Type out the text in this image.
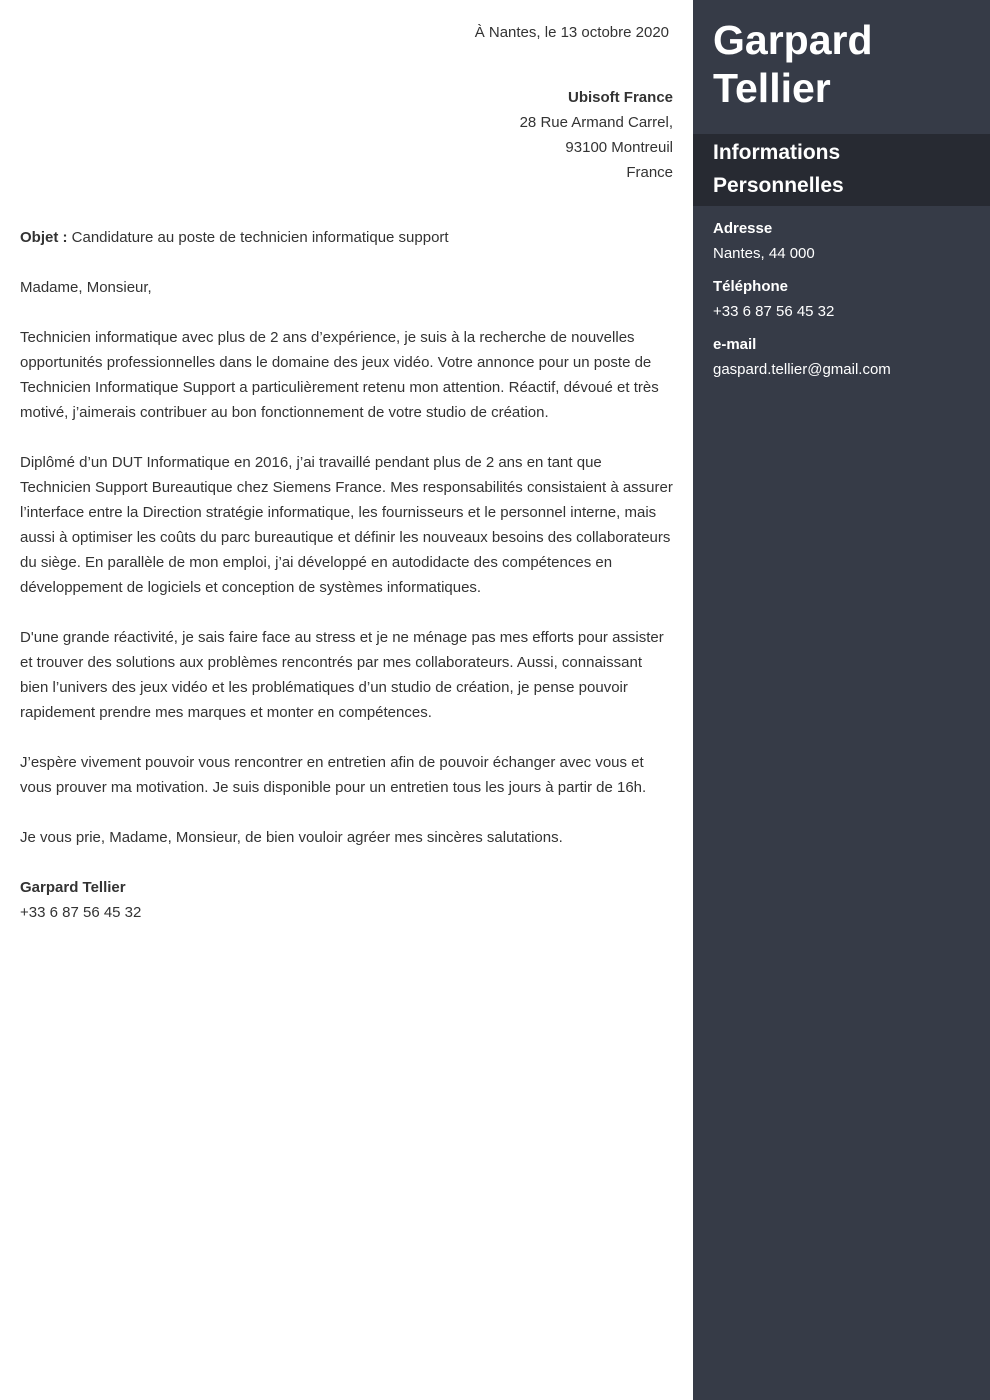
À Nantes, le 13 octobre 2020
Ubisoft France
28 Rue Armand Carrel,
93100 Montreuil
France

Objet : Candidature au poste de technicien informatique support

Madame, Monsieur,

Technicien informatique avec plus de 2 ans d’expérience, je suis à la recherche de nouvelles opportunités professionnelles dans le domaine des jeux vidéo. Votre annonce pour un poste de Technicien Informatique Support a particulièrement retenu mon attention. Réactif, dévoué et très motivé, j’aimerais contribuer au bon fonctionnement de votre studio de création.

Diplômé d’un DUT Informatique en 2016, j’ai travaillé pendant plus de 2 ans en tant que Technicien Support Bureautique chez Siemens France. Mes responsabilités consistaient à assurer l’interface entre la Direction stratégie informatique, les fournisseurs et le personnel interne, mais aussi à optimiser les coûts du parc bureautique et définir les nouveaux besoins des collaborateurs du siège. En parallèle de mon emploi, j’ai développé en autodidacte des compétences en développement de logiciels et conception de systèmes informatiques.

D'une grande réactivité, je sais faire face au stress et je ne ménage pas mes efforts pour assister et trouver des solutions aux problèmes rencontrés par mes collaborateurs. Aussi, connaissant bien l’univers des jeux vidéo et les problématiques d’un studio de création, je pense pouvoir rapidement prendre mes marques et monter en compétences.

J’espère vivement pouvoir vous rencontrer en entretien afin de pouvoir échanger avec vous et vous prouver ma motivation. Je suis disponible pour un entretien tous les jours à partir de 16h.

Je vous prie, Madame, Monsieur, de bien vouloir agréer mes sincères salutations.

Garpard Tellier
+33 6 87 56 45 32

Garpard
Tellier
Informations Personnelles
Adresse
Nantes, 44 000
Téléphone
+33 6 87 56 45 32
e-mail
gaspard.tellier@gmail.com
